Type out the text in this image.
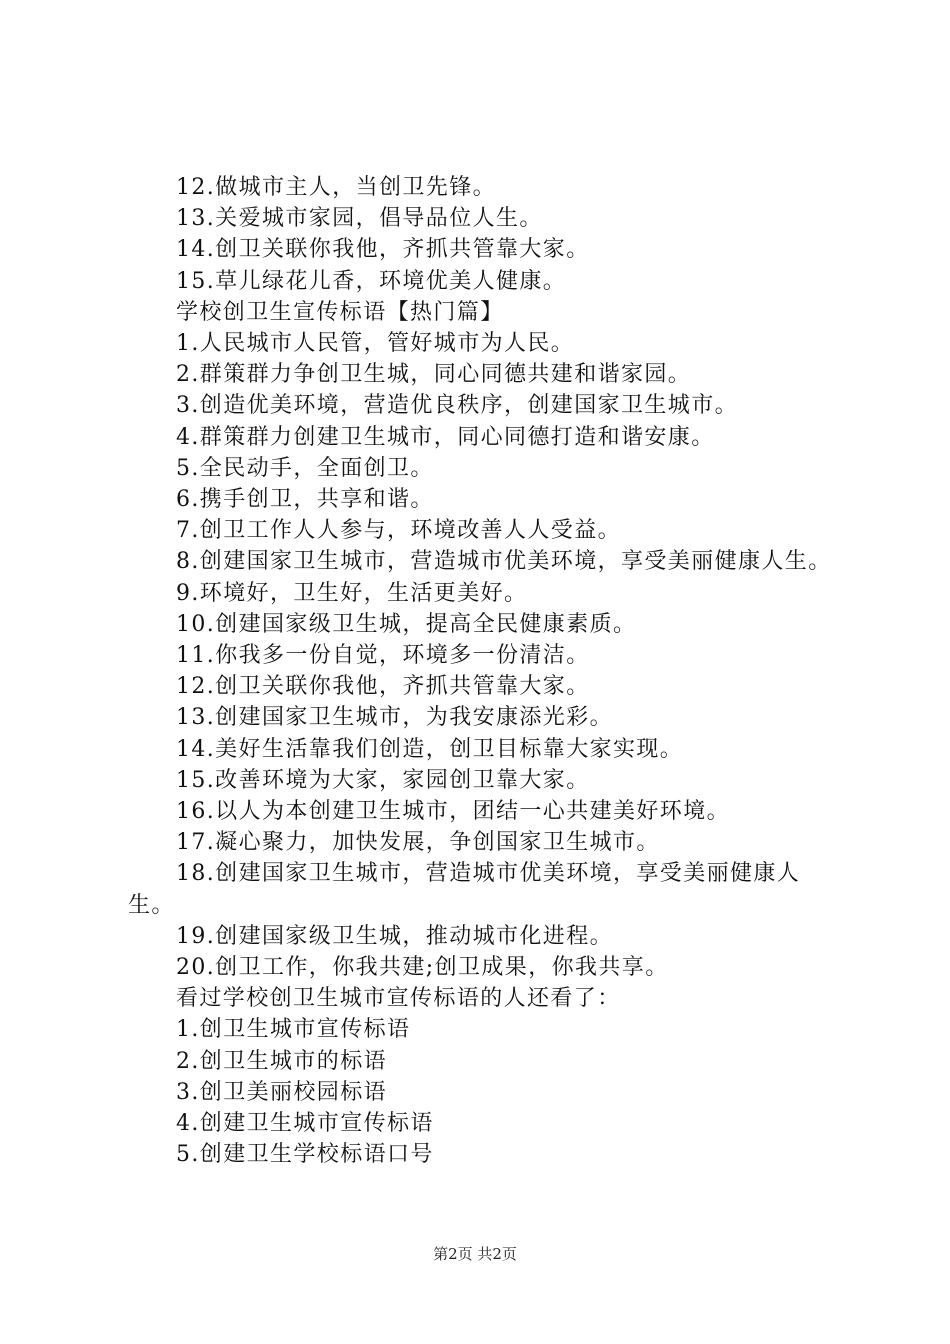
12.做城市主人，当创卫先锋。

13.关爱城市家园，倡导品位人生。

14.创卫关联你我他，齐抓共管靠大家。

15.草儿绿花儿香，环境优美人健康。

学校创卫生宣传标语【热门篇】

1.人民城市人民管，管好城市为人民。

2.群策群力争创卫生城，同心同德共建和谐家园。

3.创造优美环境，营造优良秩序，创建国家卫生城市。

4.群策群力创建卫生城市，同心同德打造和谐安康。

5.全民动手，全面创卫。

6.携手创卫，共享和谐。

7.创卫工作人人参与，环境改善人人受益。

8.创建国家卫生城市，营造城市优美环境，享受美丽健康人生。

9.环境好，卫生好，生活更美好。

10.创建国家级卫生城，提高全民健康素质。

11.你我多一份自觉，环境多一份清洁。

12.创卫关联你我他，齐抓共管靠大家。

13.创建国家卫生城市，为我安康添光彩。

14.美好生活靠我们创造，创卫目标靠大家实现。

15.改善环境为大家，家园创卫靠大家。

16.以人为本创建卫生城市，团结一心共建美好环境。

17.凝心聚力，加快发展，争创国家卫生城市。

18.创建国家卫生城市，营造城市优美环境，享受美丽健康人生。

19.创建国家级卫生城，推动城市化进程。

20.创卫工作，你我共建;创卫成果，你我共享。

看过学校创卫生城市宣传标语的人还看了：

1.创卫生城市宣传标语

2.创卫生城市的标语

3.创卫美丽校园标语

4.创建卫生城市宣传标语

5.创建卫生学校标语口号

第2页 共2页
